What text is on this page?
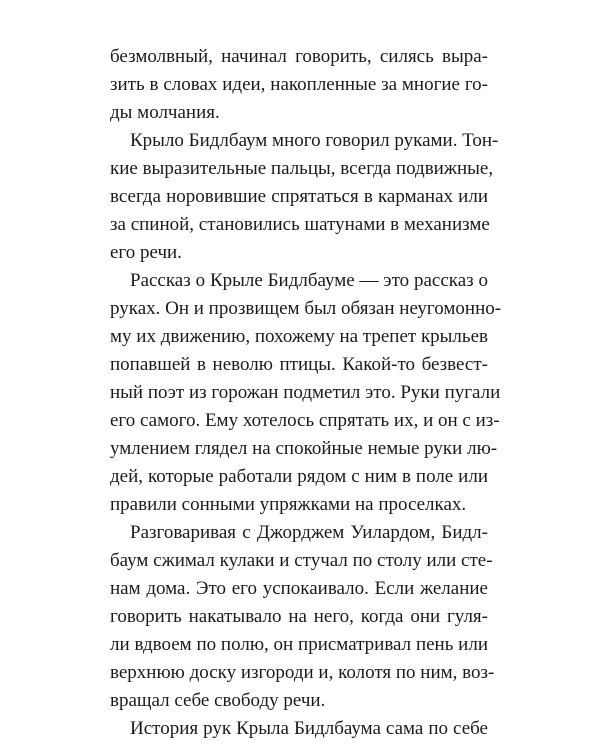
безмолвный, начинал говорить, силясь выра-
зить в словах идеи, накопленные за многие го-
ды молчания.
Крыло Бидлбаум много говорил руками. Тон-
кие выразительные пальцы, всегда подвижные,
всегда норовившие спрятаться в карманах или
за спиной, становились шатунами в механизме
его речи.
Рассказ о Крыле Бидлбауме — это рассказ о
руках. Он и прозвищем был обязан неугомонно-
му их движению, похожему на трепет крыльев
попавшей в неволю птицы. Какой-то безвест-
ный поэт из горожан подметил это. Руки пугали
его самого. Ему хотелось спрятать их, и он с из-
умлением глядел на спокойные немые руки лю-
дей, которые работали рядом с ним в поле или
правили сонными упряжками на проселках.
Разговаривая с Джорджем Уилардом, Бидл-
баум сжимал кулаки и стучал по столу или сте-
нам дома. Это его успокаивало. Если желание
говорить накатывало на него, когда они гуля-
ли вдвоем по полю, он присматривал пень или
верхнюю доску изгороди и, колотя по ним, воз-
вращал себе свободу речи.
История рук Крыла Бидлбаума сама по себе
